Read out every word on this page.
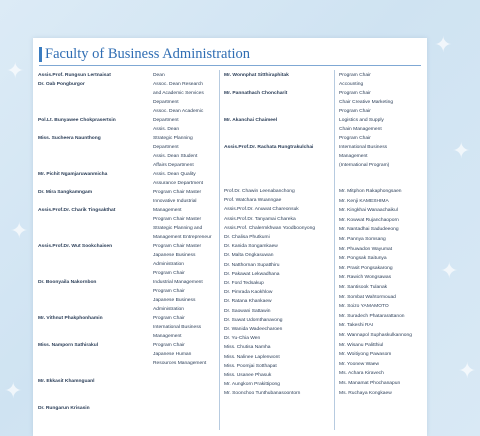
✦
✦
✦
✦
✦
✦
✦
Faculty of Business Administration
Assis.Prof. Rungsun Lertnaisat
Dr. Oab Pongburgor
Pol.Lt. Bunyawee Chokprasertsin
Miss. Sucheera Naunthong
Mr. Pichit Ngamjaruwanmicha
Dr. Mira Sangkamngam
Assis.Prof.Dr. Charik Tingsakthat
Assis.Prof.Dr. Wut Sookchaisen
Dr. Boonyaila Nakornbon
Mr. Vithnut Phakphonhamin
Miss. Namporn Sathirakul
Mr. Ekkasit Khamnguanl
Dr. Rungarun Krisasin
Dean
Assoc. Dean Research
and Academic Services
Department
Assoc. Dean Academic
Department
Assis. Dean
Strategic Planning
Department
Assis. Dean Student
Affairs Department
Assis. Dean Quality
Assurance Department
Program Chair Master
Innovative Industrial
Management
Program Chair Master
Strategic Planning and
Management Entrepreneur
Program Chair Master
Japanese Business
Administration
Program Chair
Industrial Management
Program Chair
Japanese Business
Administration
Program Chair
International Business
Management
Program Chair
Japanese Human
Resources Management
Mr. Wonnphat Sitthiraphitak
Mr. Pannathach Choncharit
Mr. Akanchai Chaimeel
Assis.Prof.Dr. Rachata Rungtrakulchai
Program Chair
Accounting
Program Chair
Chair Creative Marketing
Program Chair
Logistics and Supply
Chain Management
Program Chair
International Business
Management
(International Program)
Prof.Dr. Chawin Leenabanchong
Prof. Watchara Wuanngae
Assis.Prof.Dr. Anuwat Chareonsuk
Assis.Prof.Dr. Tanyamai Chareka
Assis.Prof. Chalermkhwan Yoodboonyong
Dr. Chalisa Phutkumi
Dr. Kanida Songamkaew
Dr. Malta Ongkasuwan
Dr. Natthornan Supatthiru
Dr. Pakawat Lekwadhana
Dr. Ford Tedsakup
Dr. Pimrada Kaokhlow
Dr. Ratana Khankaew
Dr. Saowani Sattawin
Dr. Suwat Udomthanavong
Dr. Wanida Wadeecharoen
Dr. Yu-Chia Wen
Miss. Chutisa Namha
Miss. Nalinee Laplenwont
Miss. Poomjai Sotthapat
Miss. Usanee Phasuk
Mr. Aungkorn Prakittipong
Mr. Soonchoo Tunthubanasoontorn
Mr. Mitphon Rakaphongsaen
Mr. Kenji KAMESHIMA
Mr. Kingkhai Wanaachaikul
Mr. Kowwat Rujanchaoporn
Mr. Nantadhai Sadudeeong
Mr. Pannya Somsang
Mr. Phuwadon Wayumat
Mr. Pongsak Saitunya
Mr. Prasit Pongsakarong
Mr. Rawich Wongsawas
Mr. Santisook Tulanak
Mr. Sombat Wahtormouad
Mr. Soizo YAMAMOTO
Mr. Suradech Phatararattanon
Mr. Takeshi RAI
Mr. Wannapol Suphaskulkannong
Mr. Wisanu Palitthiul
Mr. Woitiyong Pawasom
Mr. Yoonew Waew
Ms. Achara Kiravech
Ms. Manamat Phochanapun
Ms. Ruchaya Kongkaew
